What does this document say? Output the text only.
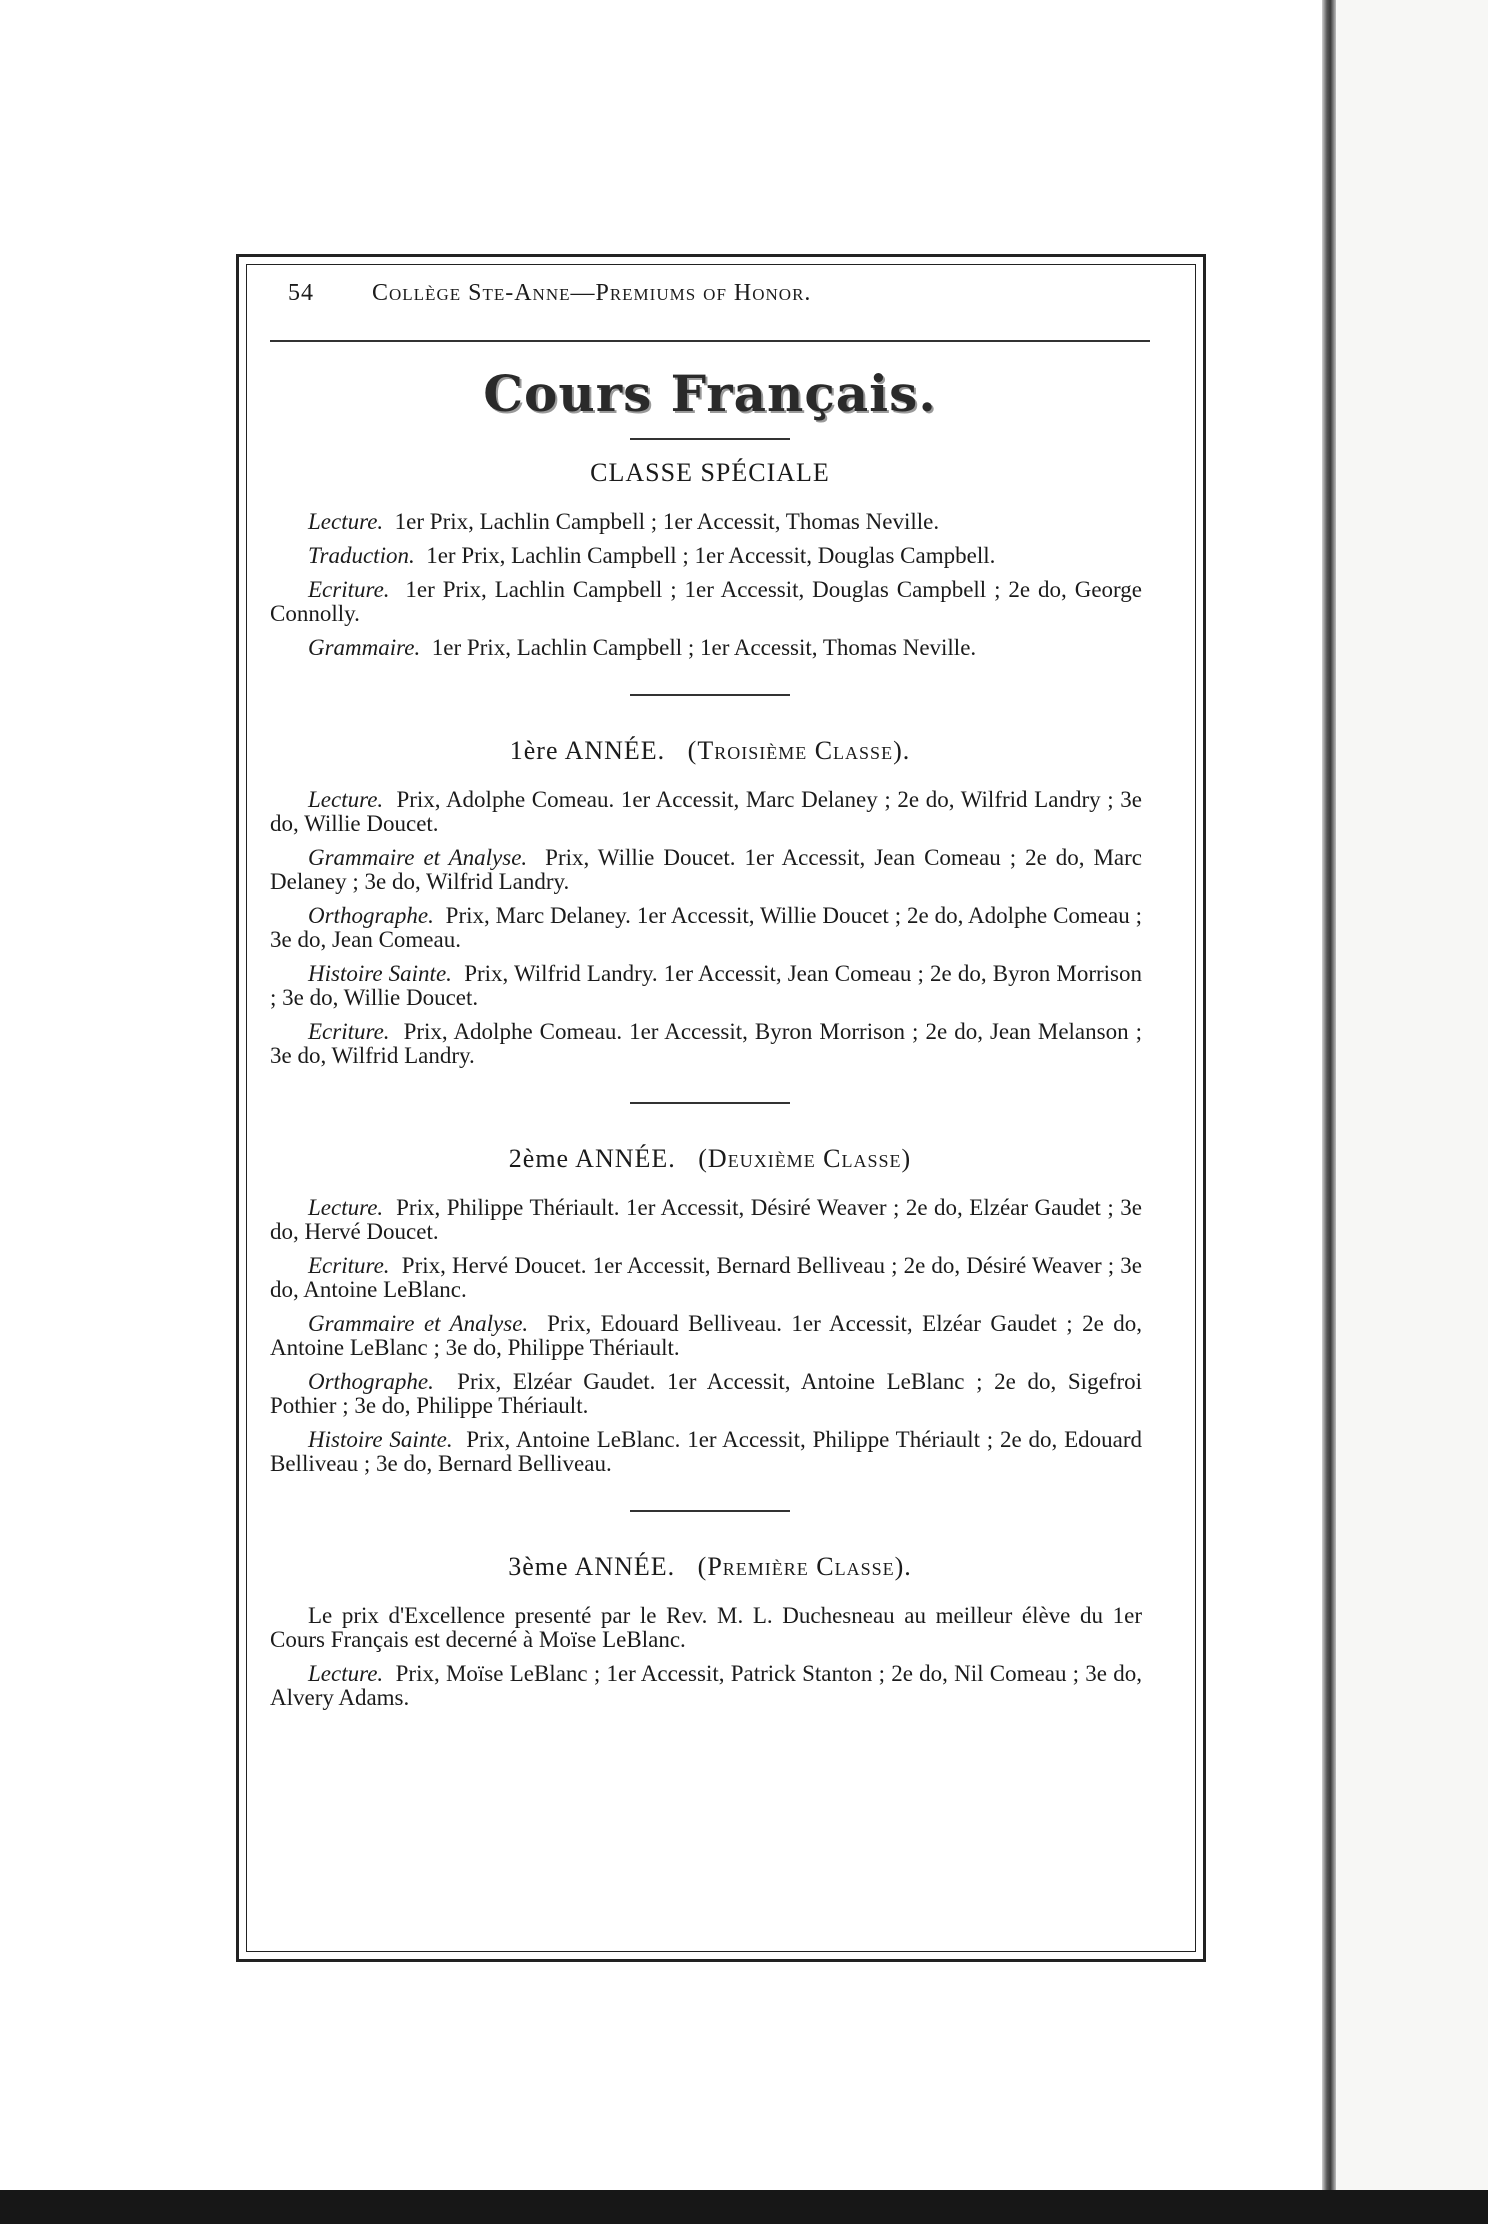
54	Collège Ste-Anne—Premiums of Honor.
Cours Français.
CLASSE SPÉCIALE

Lecture. 1er Prix, Lachlin Campbell ; 1er Accessit, Thomas Neville.

Traduction. 1er Prix, Lachlin Campbell ; 1er Accessit, Douglas Campbell.

Ecriture. 1er Prix, Lachlin Campbell ; 1er Accessit, Douglas Campbell ; 2e do, George Connolly.

Grammaire. 1er Prix, Lachlin Campbell ; 1er Accessit, Thomas Neville.

1ère ANNÉE. (Troisième Classe).

Lecture. Prix, Adolphe Comeau. 1er Accessit, Marc Delaney ; 2e do, Wilfrid Landry ; 3e do, Willie Doucet.

Grammaire et Analyse. Prix, Willie Doucet. 1er Accessit, Jean Comeau ; 2e do, Marc Delaney ; 3e do, Wilfrid Landry.

Orthographe. Prix, Marc Delaney. 1er Accessit, Willie Doucet ; 2e do, Adolphe Comeau ; 3e do, Jean Comeau.

Histoire Sainte. Prix, Wilfrid Landry. 1er Accessit, Jean Comeau ; 2e do, Byron Morrison ; 3e do, Willie Doucet.

Ecriture. Prix, Adolphe Comeau. 1er Accessit, Byron Morrison ; 2e do, Jean Melanson ; 3e do, Wilfrid Landry.

2ème ANNÉE. (Deuxième Classe)

Lecture. Prix, Philippe Thériault. 1er Accessit, Désiré Weaver ; 2e do, Elzéar Gaudet ; 3e do, Hervé Doucet.

Ecriture. Prix, Hervé Doucet. 1er Accessit, Bernard Belliveau ; 2e do, Désiré Weaver ; 3e do, Antoine LeBlanc.

Grammaire et Analyse. Prix, Edouard Belliveau. 1er Accessit, Elzéar Gaudet ; 2e do, Antoine LeBlanc ; 3e do, Philippe Thériault.

Orthographe. Prix, Elzéar Gaudet. 1er Accessit, Antoine LeBlanc ; 2e do, Sigefroi Pothier ; 3e do, Philippe Thériault.

Histoire Sainte. Prix, Antoine LeBlanc. 1er Accessit, Philippe Thériault ; 2e do, Edouard Belliveau ; 3e do, Bernard Belliveau.

3ème ANNÉE. (Première Classe).

Le prix d'Excellence presenté par le Rev. M. L. Duchesneau au meilleur élève du 1er Cours Français est decerné à Moïse LeBlanc.

Lecture. Prix, Moïse LeBlanc ; 1er Accessit, Patrick Stanton ; 2e do, Nil Comeau ; 3e do, Alvery Adams.
